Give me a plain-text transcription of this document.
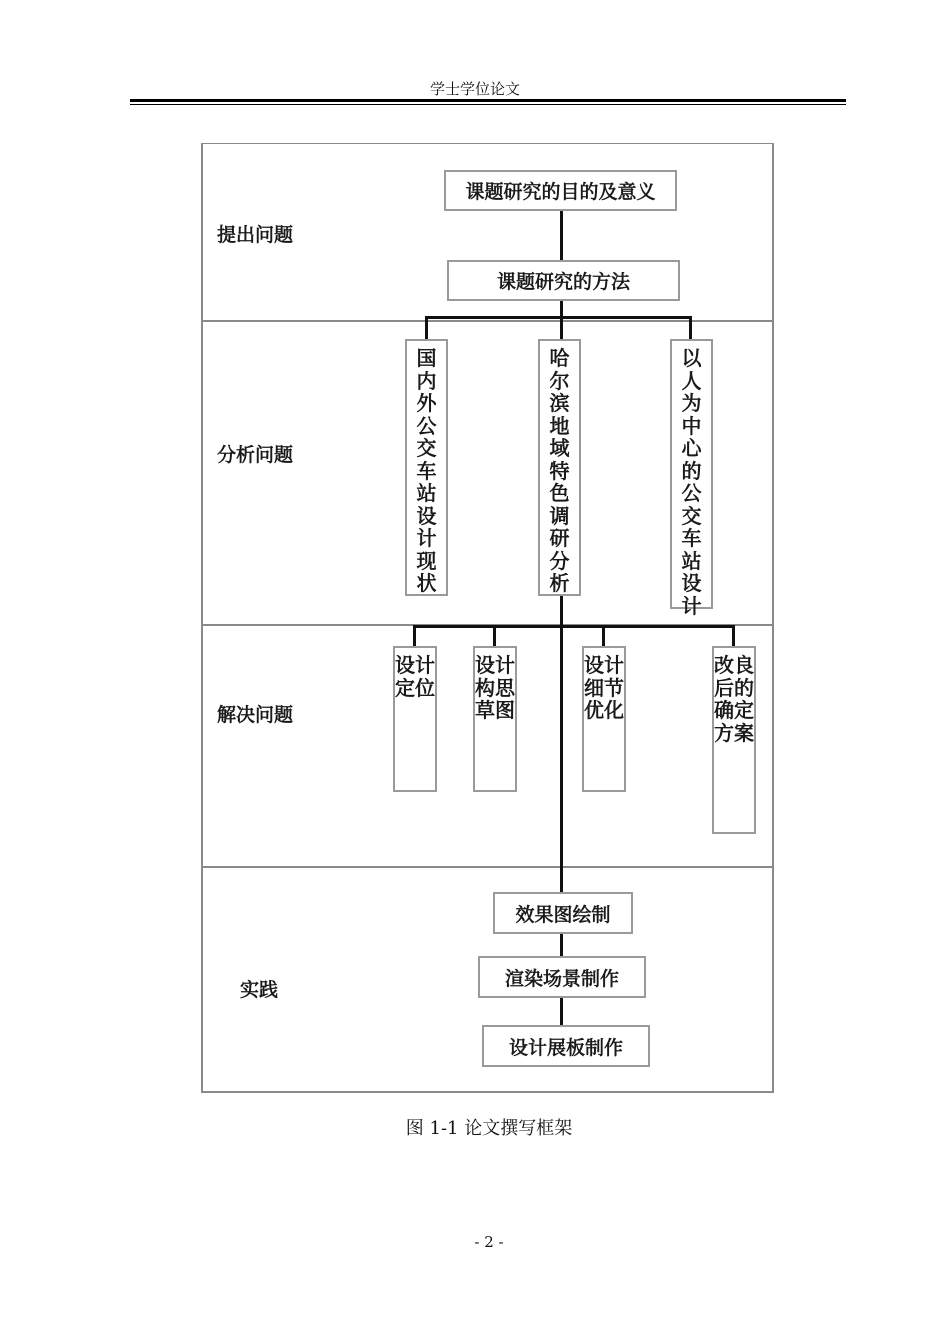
学士学位论文
提出问题
分析问题
解决问题
实践
课题研究的目的及意义
课题研究的方法
国内外公交车站设计现状
哈尔滨地域特色调研分析
以人为中心的公交车站设计
设计定位
设计构思草图
设计细节优化
改良后的确定方案
效果图绘制
渲染场景制作
设计展板制作
图 1-1 论文撰写框架
- 2 -
